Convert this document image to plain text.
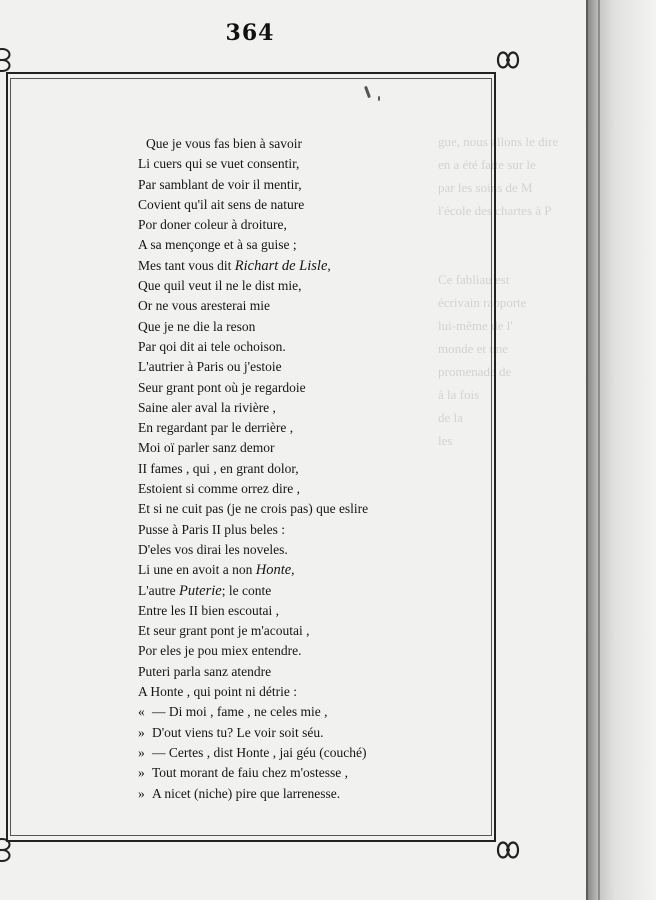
364
gue, nous allons le dire
en a été faite sur le
par les soins de M
l'école des chartes à P

Ce fabliau est
écrivain rapporte
lui-même de l'
monde et une
promenade de
à la fois
de la
les
Que je vous fas bien à savoir
Li cuers qui se vuet consentir,
Par samblant de voir il mentir,
Covient qu'il ait sens de nature
Por doner coleur à droiture,
A sa mençonge et à sa guise ;
Mes tant vous dit Richart de Lisle,
Que quil veut il ne le dist mie,
Or ne vous aresterai mie
Que je ne die la reson
Par qoi dit ai tele ochoison.
L'autrier à Paris ou j'estoie
Seur grant pont où je regardoie
Saine aler aval la rivière ,
En regardant par le derrière ,
Moi oï parler sanz demor
II fames , qui , en grant dolor,
Estoient si comme orrez dire ,
Et si ne cuit pas (je ne crois pas) que eslire
Pusse à Paris II plus beles :
D'eles vos dirai les noveles.
Li une en avoit a non Honte,
L'autre Puterie; le conte
Entre les II bien escoutai ,
Et seur grant pont je m'acoutai ,
Por eles je pou miex entendre.
Puteri parla sanz atendre
A Honte , qui point ni détrie :
« — Di moi , fame , ne celes mie ,
» D'out viens tu? Le voir soit séu.
» — Certes , dist Honte , jai géu (couché)
» Tout morant de faiu chez m'ostesse ,
» A nicet (niche) pire que larrenesse.
